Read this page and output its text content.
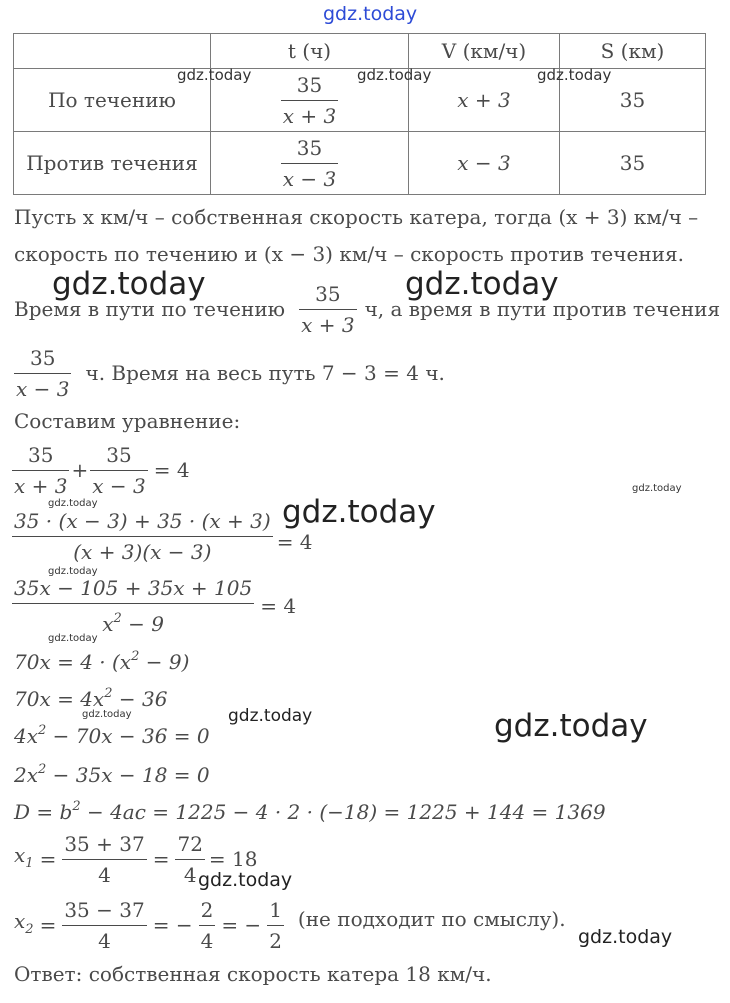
gdz.today
	t (ч)	V (км/ч)	S (км)
По течению	$\frac{35}{x + 3}$	x + 3	35
Против течения	$\frac{35}{x - 3}$	x − 3	35
gdz.today	gdz.today	gdz.today
Пусть x км/ч – собственная скорость катера, тогда (x + 3) км/ч –
скорость по течению и (x − 3) км/ч – скорость против течения.
gdz.today	gdz.today
Время в пути по течению $\frac{35}{x + 3} ч$, а время в пути против течения
$\frac{35}{x - 3} ч$. Время на весь путь 7 − 3 = 4 ч.
Составим уравнение:
$\frac{35}{x + 3} + \frac{35}{x - 3} = 4$
gdz.today
gdz.today	gdz.today
$\frac{35 \cdot (x - 3) + 35 \cdot (x + 3)}{(x + 3)(x - 3)} = 4$
gdz.today
$\frac{35x - 105 + 35x + 105}{x^2 - 9} = 4$
gdz.today
$70x = 4 \cdot (x^2 - 9)$
$70x = 4x^2 - 36$
gdz.today	gdz.today	gdz.today
$4x^2 - 70x - 36 = 0$
$2x^2 - 35x - 18 = 0$
$D = b^2 - 4ac = 1225 - 4 \cdot 2 \cdot (-18) = 1225 + 144 = 1369$
$x_1 = \frac{35 + 37}{4} = \frac{72}{4} = 18$
gdz.today
$x_2 = \frac{35 - 37}{4}$ = − $\frac{2}{4}$ = − $\frac{1}{2} (не$ подходит по смыслу).
gdz.today
Ответ: собственная скорость катера 18 км/ч.
